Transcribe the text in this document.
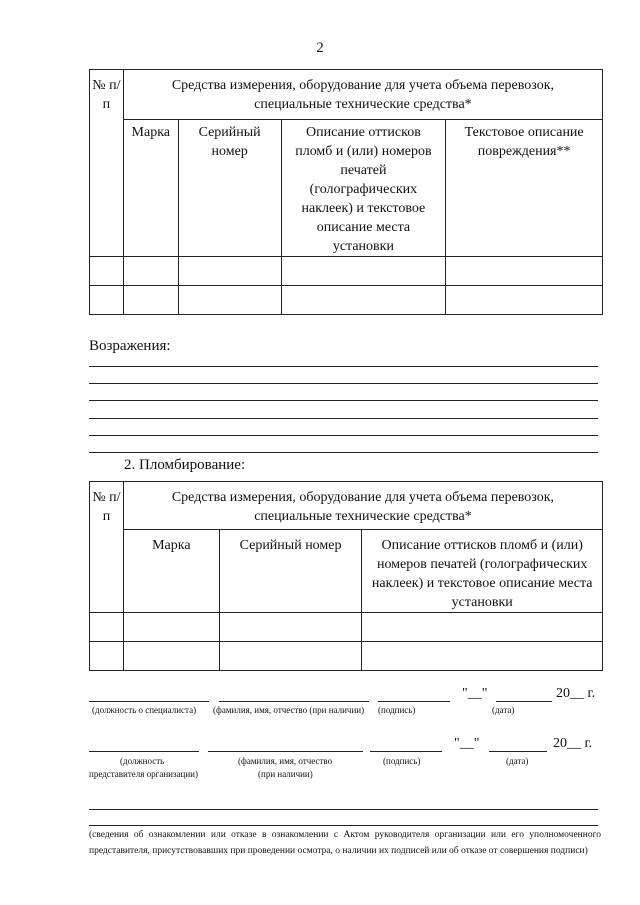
2
№ п/п	Средства измерения, оборудование для учета объема перевозок, специальные технические средства*			

	Марка	Серийный номер	Описание оттисков пломб и (или) номеров печатей (голографических наклеек) и текстовое описание места установки	Текстовое описание повреждения**

Возражения:
2. Пломбирование:
№ п/п	Средства измерения, оборудование для учета объема перевозок, специальные технические средства*		

	Марка	Серийный номер	Описание оттисков пломб и (или) номеров печатей (голографических наклеек) и текстовое описание места установки

"__"	20__ г.
(должность о специалиста) (фамилия, имя, отчество (при наличии) (подпись)	(дата)
"__"	20__ г.
(должность
представителя организации)
(фамилия, имя, отчество
(при наличии)
(подпись)	(дата)
(сведения об ознакомлении или отказе в ознакомлении с Актом руководителя организации или его уполномоченного представителя, присутствовавших при проведении осмотра, о наличии их подписей или об отказе от совершения подписи)
